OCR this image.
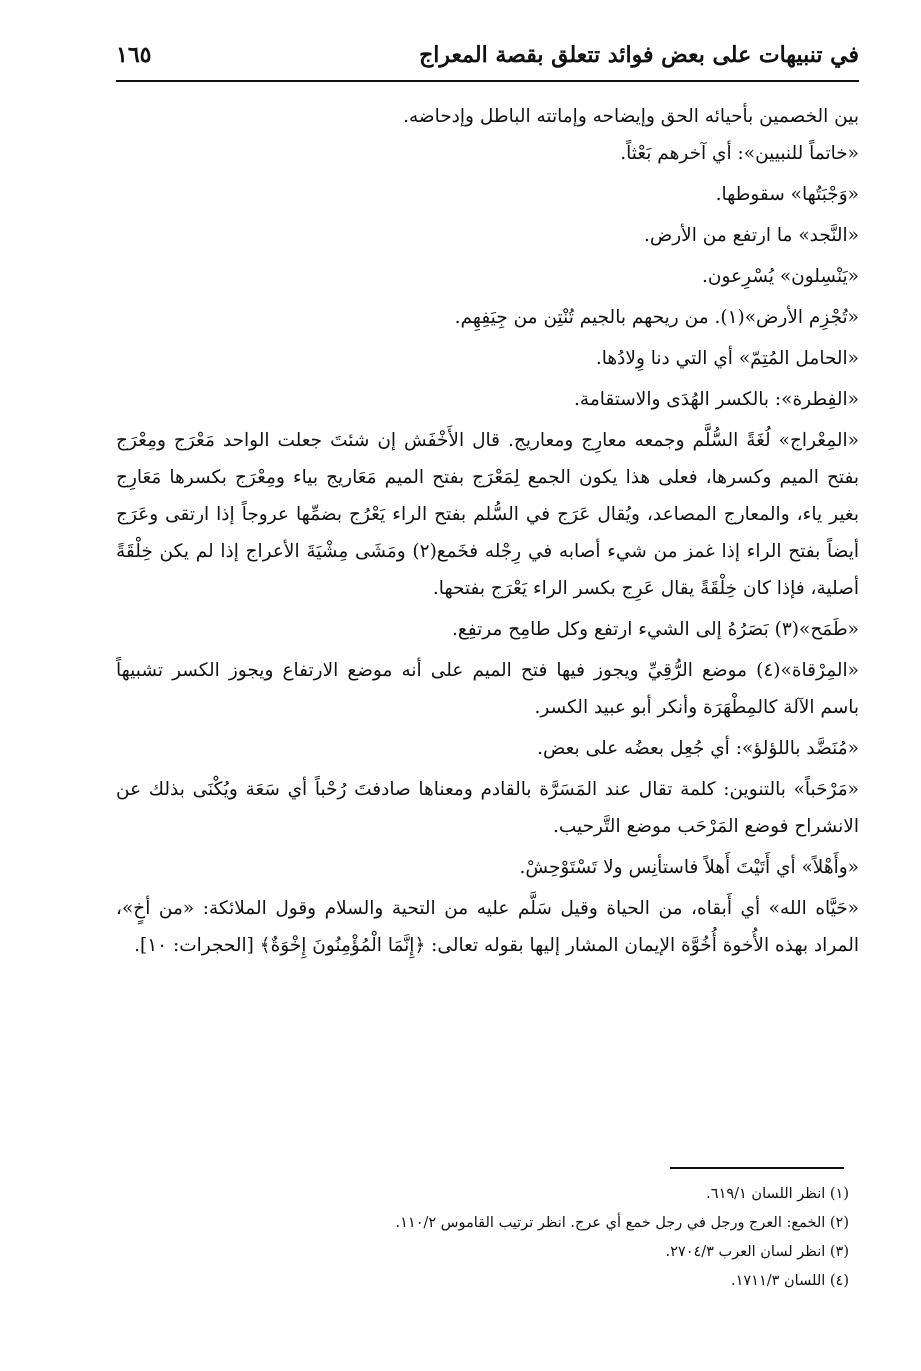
في تنبيهات على بعض فوائد تتعلق بقصة المعراج
١٦٥

بين الخصمين بأحيائه الحق وإيضاحه وإماتته الباطل وإدحاضه.

«خاتماً للنبيين»: أي آخرهم بَعْثاً.

«وَجْبَتُها» سقوطها.

«النَّجد» ما ارتفع من الأرض.

«يَنْسِلون» يُسْرِعون.

«تُجْزِم الأرض»(١). من ريحهم بالجيم تُنْتِن من جِيَفِهِم.

«الحامل المُتِمّ» أي التي دنا وِلادُها.

«الفِطرة»: بالكسر الهُدَى والاستقامة.

«المِعْراج» لُغَةً السُّلَّم وجمعه معارِج ومعاريج. قال الأَخْفَش إن شئتَ جعلت الواحد مَعْرَج ومِعْرَج بفتح الميم وكسرها، فعلى هذا يكون الجمع لِمَعْرَج بفتح الميم مَعَاريج بياء ومِعْرَج بكسرها مَعَارِج بغير ياء، والمعارج المصاعد، ويُقال عَرَج في السُّلم بفتح الراء يَعْرُج بضمِّها عروجاً إذا ارتقى وعَرَج أيضاً بفتح الراء إذا غمز من شيء أصابه في رِجْله فخَمع(٢) ومَشَى مِشْيَةَ الأعراج إذا لم يكن خِلْقَةً أصلية، فإذا كان خِلْقَةً يقال عَرِج بكسر الراء يَعْرَج بفتحها.

«طَمَح»(٣) بَصَرُهُ إلى الشيء ارتفع وكل طامِح مرتفِع.

«المِرْقاة»(٤) موضع الرُّقِيِّ ويجوز فيها فتح الميم على أنه موضع الارتفاع ويجوز الكسر تشبيهاً باسم الآلة كالمِطْهَرَة وأنكر أبو عبيد الكسر.

«مُنَضَّد باللؤلؤ»: أي جُعِل بعضُه على بعض.

«مَرْحَباً» بالتنوين: كلمة تقال عند المَسَرَّة بالقادم ومعناها صادفتَ رُحْباً أي سَعَة ويُكْنَى بذلك عن الانشراح فوضع المَرْحَب موضع التَّرحيب.

«وأَهْلاً» أي أَتَيْتَ أَهلاً فاستأنِس ولا تَسْتَوْحِشْ.

«حَيَّاه الله» أي أَبقاه، من الحياة وقيل سَلَّم عليه من التحية والسلام وقول الملائكة: «من أخٍ»، المراد بهذه الأُخوة أُخُوَّة الإيمان المشار إليها بقوله تعالى: ﴿إِنَّمَا الْمُؤْمِنُونَ إِخْوَةٌ﴾ [الحجرات: ١٠].

(١) انظر اللسان ٦١٩/١.

(٢) الخمع: العرج ورجل في رجل خمع أي عرج. انظر ترتيب القاموس ١١٠/٢.

(٣) انظر لسان العرب ٢٧٠٤/٣.

(٤) اللسان ١٧١١/٣.
